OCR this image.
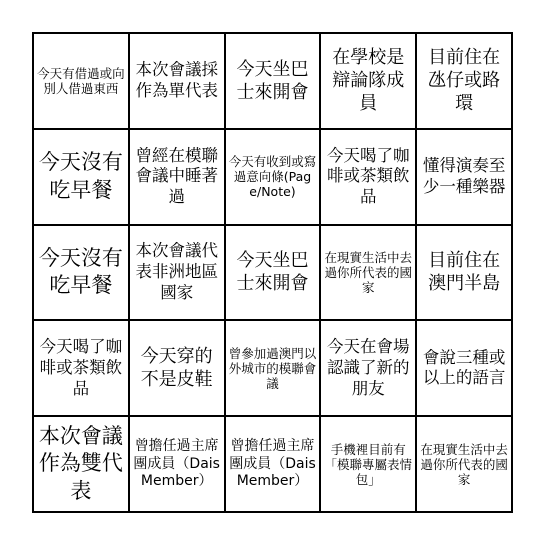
今天有借過或向別人借過東西
本次會議採作為單代表
今天坐巴士來開會
在學校是辯論隊成員
目前住在氹仔或路環
今天沒有吃早餐
曾經在模聯會議中睡著過
今天有收到或寫過意向條(Page/Note)
今天喝了咖啡或茶類飲品
懂得演奏至少一種樂器
今天沒有吃早餐
本次會議代表非洲地區國家
今天坐巴士來開會
在現實生活中去過你所代表的國家
目前住在澳門半島
今天喝了咖啡或茶類飲品
今天穿的不是皮鞋
曾參加過澳門以外城市的模聯會議
今天在會場認識了新的朋友
會說三種或以上的語言
本次會議作為雙代表
曾擔任過主席團成員（Dais Member）
曾擔任過主席團成員（Dais Member）
手機裡目前有「模聯專屬表情包」
在現實生活中去過你所代表的國家
